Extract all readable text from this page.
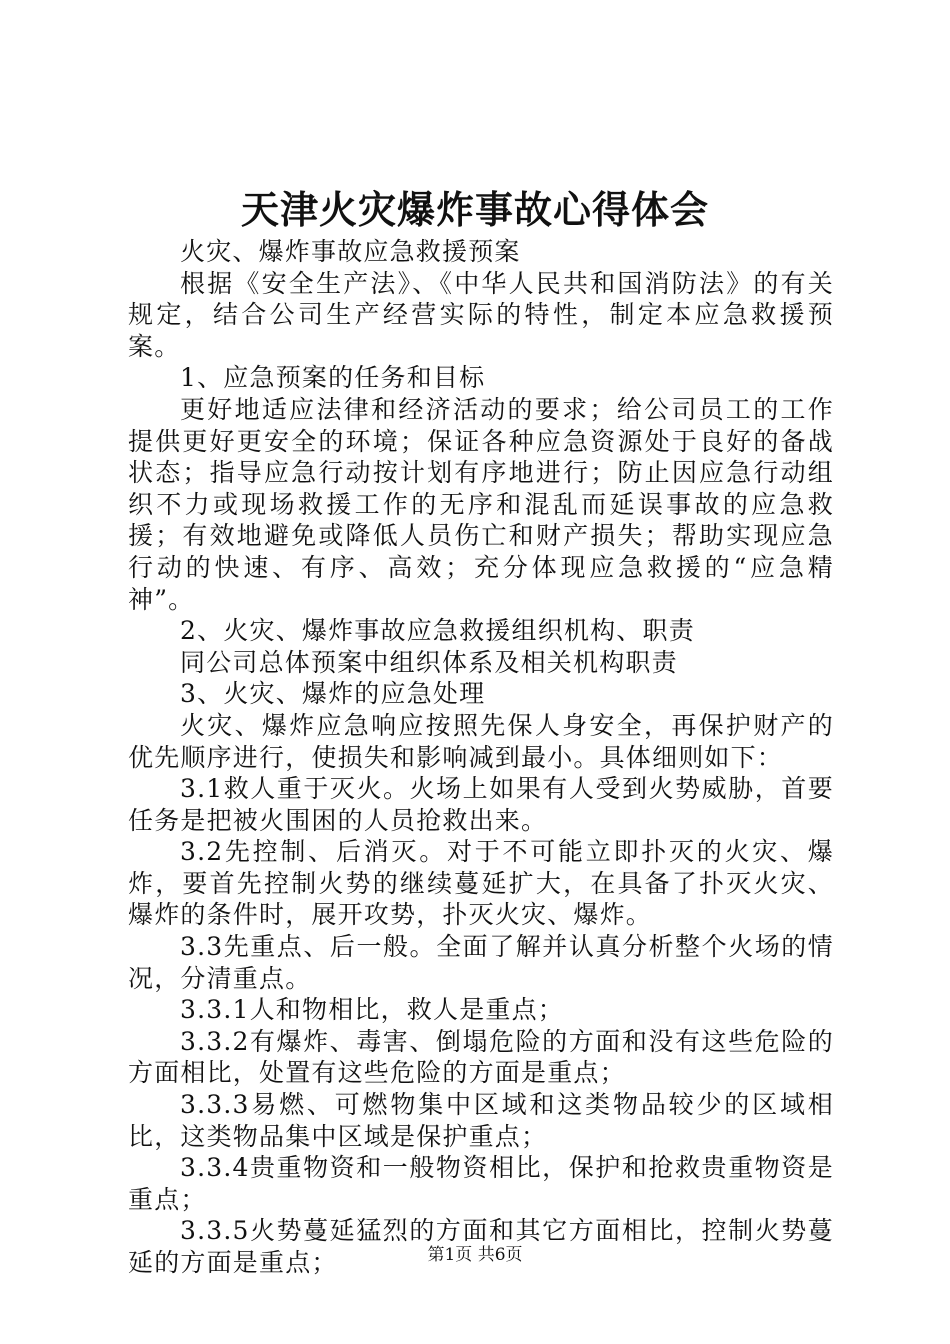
天津火灾爆炸事故心得体会

火灾、爆炸事故应急救援预案

根据《安全生产法》、《中华人民共和国消防法》的有关规定，结合公司生产经营实际的特性，制定本应急救援预案。

1、应急预案的任务和目标

更好地适应法律和经济活动的要求；给公司员工的工作提供更好更安全的环境；保证各种应急资源处于良好的备战状态；指导应急行动按计划有序地进行；防止因应急行动组织不力或现场救援工作的无序和混乱而延误事故的应急救援；有效地避免或降低人员伤亡和财产损失；帮助实现应急行动的快速、有序、高效；充分体现应急救援的“应急精神”。

2、火灾、爆炸事故应急救援组织机构、职责

同公司总体预案中组织体系及相关机构职责

3、火灾、爆炸的应急处理

火灾、爆炸应急响应按照先保人身安全，再保护财产的优先顺序进行，使损失和影响减到最小。具体细则如下：

3.1救人重于灭火。火场上如果有人受到火势威胁，首要任务是把被火围困的人员抢救出来。

3.2先控制、后消灭。对于不可能立即扑灭的火灾、爆炸，要首先控制火势的继续蔓延扩大，在具备了扑灭火灾、爆炸的条件时，展开攻势，扑灭火灾、爆炸。

3.3先重点、后一般。全面了解并认真分析整个火场的情况，分清重点。

3.3.1人和物相比，救人是重点；

3.3.2有爆炸、毒害、倒塌危险的方面和没有这些危险的方面相比，处置有这些危险的方面是重点；

3.3.3易燃、可燃物集中区域和这类物品较少的区域相比，这类物品集中区域是保护重点；

3.3.4贵重物资和一般物资相比，保护和抢救贵重物资是重点；

3.3.5火势蔓延猛烈的方面和其它方面相比，控制火势蔓延的方面是重点；	第1页 共6页
